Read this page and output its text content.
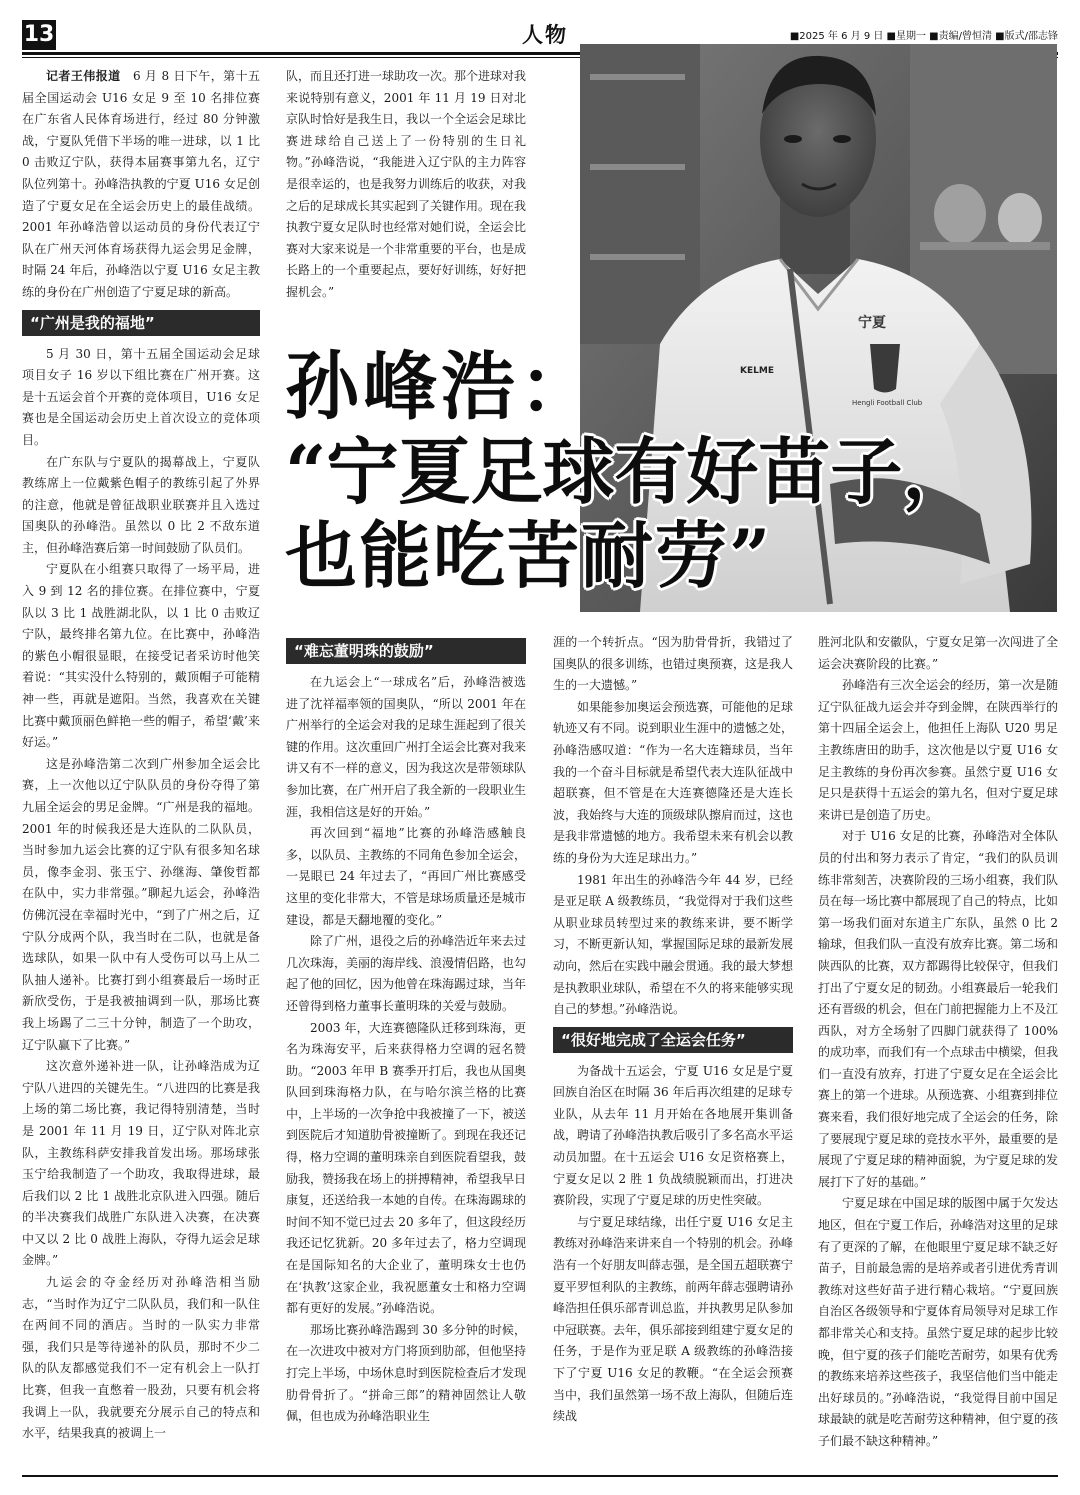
13	人物	■2025 年 6 月 9 日 ■星期一 ■责编/曾恒清 ■版式/邵志锋

记者王伟报道　 6 月 8 日下午，第十五届全国运动会 U16 女足 9 至 10 名排位赛在广东省人民体育场进行，经过 80 分钟激战，宁夏队凭借下半场的唯一进球，以 1 比 0 击败辽宁队，获得本届赛事第九名，辽宁队位列第十。孙峰浩执教的宁夏 U16 女足创造了宁夏女足在全运会历史上的最佳战绩。2001 年孙峰浩曾以运动员的身份代表辽宁队在广州天河体育场获得九运会男足金牌，时隔 24 年后，孙峰浩以宁夏 U16 女足主教练的身份在广州创造了宁夏足球的新高。

“广州是我的福地”

5 月 30 日，第十五届全国运动会足球项目女子 16 岁以下组比赛在广州开赛。这是十五运会首个开赛的竞体项目，U16 女足赛也是全国运动会历史上首次设立的竞体项目。

在广东队与宁夏队的揭幕战上，宁夏队教练席上一位戴紫色帽子的教练引起了外界的注意，他就是曾征战职业联赛并且入选过国奥队的孙峰浩。虽然以 0 比 2 不敌东道主，但孙峰浩赛后第一时间鼓励了队员们。

宁夏队在小组赛只取得了一场平局，进入 9 到 12 名的排位赛。在排位赛中，宁夏队以 3 比 1 战胜湖北队，以 1 比 0 击败辽宁队，最终排名第九位。在比赛中，孙峰浩的紫色小帽很显眼，在接受记者采访时他笑着说：“其实没什么特别的，戴顶帽子可能精神一些，再就是遮阳。当然，我喜欢在关键比赛中戴顶丽色鲜艳一些的帽子，希望‘戴’来好运。”

这是孙峰浩第二次到广州参加全运会比赛，上一次他以辽宁队队员的身份夺得了第九届全运会的男足金牌。“广州是我的福地。2001 年的时候我还是大连队的二队队员，当时参加九运会比赛的辽宁队有很多知名球员，像李金羽、张玉宁、孙继海、肇俊哲都在队中，实力非常强。”聊起九运会，孙峰浩仿佛沉浸在幸福时光中，“到了广州之后，辽宁队分成两个队，我当时在二队，也就是备选球队，如果一队中有人受伤可以马上从二队抽人递补。比赛打到小组赛最后一场时正新欣受伤，于是我被抽调到一队，那场比赛我上场踢了二三十分钟，制造了一个助攻，辽宁队赢下了比赛。”

这次意外递补进一队，让孙峰浩成为辽宁队八进四的关键先生。“八进四的比赛是我上场的第二场比赛，我记得特别清楚，当时是 2001 年 11 月 19 日，辽宁队对阵北京队，主教练科萨安排我首发出场。那场球张玉宁给我制造了一个助攻，我取得进球，最后我们以 2 比 1 战胜北京队进入四强。随后的半决赛我们战胜广东队进入决赛，在决赛中又以 2 比 0 战胜上海队，夺得九运会足球金牌。”

九运会的夺金经历对孙峰浩相当励志，“当时作为辽宁二队队员，我们和一队住在两间不同的酒店。当时的一队实力非常强，我们只是等待递补的队员，那时不少二队的队友都感觉我们不一定有机会上一队打比赛，但我一直憋着一股劲，只要有机会将我调上一队，我就要充分展示自己的特点和水平，结果我真的被调上一

队，而且还打进一球助攻一次。那个进球对我来说特别有意义，2001 年 11 月 19 日对北京队时恰好是我生日，我以一个全运会足球比赛进球给自己送上了一份特别的生日礼物。”孙峰浩说，“我能进入辽宁队的主力阵容是很幸运的，也是我努力训练后的收获，对我之后的足球成长其实起到了关键作用。现在我执教宁夏女足队时也经常对她们说，全运会比赛对大家来说是一个非常重要的平台，也是成长路上的一个重要起点，要好好训练，好好把握机会。”

宁夏
Hengli Football Club
KELME
孙峰浩：
“宁夏足球有好苗子，
也能吃苦耐劳”
“难忘董明珠的鼓励”

在九运会上“一球成名”后，孙峰浩被选进了沈祥福率领的国奥队，“所以 2001 年在广州举行的全运会对我的足球生涯起到了很关键的作用。这次重回广州打全运会比赛对我来讲又有不一样的意义，因为我这次是带领球队参加比赛，在广州开启了我全新的一段职业生涯，我相信这是好的开始。”

再次回到“福地”比赛的孙峰浩感触良多，以队员、主教练的不同角色参加全运会，一晃眼已 24 年过去了，“再回广州比赛感受这里的变化非常大，不管是球场质量还是城市建设，都是天翻地覆的变化。”

除了广州，退役之后的孙峰浩近年来去过几次珠海，美丽的海岸线、浪漫情侣路，也勾起了他的回忆，因为他曾在珠海踢过球，当年还曾得到格力董事长董明珠的关爱与鼓励。

2003 年，大连赛德隆队迁移到珠海，更名为珠海安平，后来获得格力空调的冠名赞助。“2003 年甲 B 赛季开打后，我也从国奥队回到珠海格力队，在与哈尔滨兰格的比赛中，上半场的一次争抢中我被撞了一下，被送到医院后才知道肋骨被撞断了。到现在我还记得，格力空调的董明珠亲自到医院看望我，鼓励我，赞扬我在场上的拼搏精神，希望我早日康复，还送给我一本她的自传。在珠海踢球的时间不知不觉已过去 20 多年了，但这段经历我还记忆犹新。20 多年过去了，格力空调现在是国际知名的大企业了，董明珠女士也仍在‘执教’这家企业，我祝愿董女士和格力空调都有更好的发展。”孙峰浩说。

那场比赛孙峰浩踢到 30 多分钟的时候，在一次进攻中被对方门将顶到肋部，但他坚持打完上半场，中场休息时到医院检查后才发现肋骨骨折了。“拼命三郎”的精神固然让人敬佩，但也成为孙峰浩职业生

涯的一个转折点。“因为肋骨骨折，我错过了国奥队的很多训练，也错过奥预赛，这是我人生的一大遗憾。”

如果能参加奥运会预选赛，可能他的足球轨迹又有不同。说到职业生涯中的遗憾之处，孙峰浩感叹道：“作为一名大连籍球员，当年我的一个奋斗目标就是希望代表大连队征战中超联赛，但不管是在大连赛德隆还是大连长波，我始终与大连的顶级球队擦肩而过，这也是我非常遗憾的地方。我希望未来有机会以教练的身份为大连足球出力。”

1981 年出生的孙峰浩今年 44 岁，已经是亚足联 A 级教练员，“我觉得对于我们这些从职业球员转型过来的教练来讲，要不断学习，不断更新认知，掌握国际足球的最新发展动向，然后在实践中融会贯通。我的最大梦想是执教职业球队，希望在不久的将来能够实现自己的梦想。”孙峰浩说。

“很好地完成了全运会任务”

为备战十五运会，宁夏 U16 女足是宁夏回族自治区在时隔 36 年后再次组建的足球专业队，从去年 11 月开始在各地展开集训备战，聘请了孙峰浩执教后吸引了多名高水平运动员加盟。在十五运会 U16 女足资格赛上，宁夏女足以 2 胜 1 负战绩脱颖而出，打进决赛阶段，实现了宁夏足球的历史性突破。

与宁夏足球结缘，出任宁夏 U16 女足主教练对孙峰浩来讲来自一个特别的机会。孙峰浩有一个好朋友叫薛志强，是全国五超联赛宁夏平罗恒利队的主教练，前两年薛志强聘请孙峰浩担任俱乐部青训总监，并执教男足队参加中冠联赛。去年，俱乐部接到组建宁夏女足的任务，于是作为亚足联 A 级教练的孙峰浩接下了宁夏 U16 女足的教鞭。“在全运会预赛当中，我们虽然第一场不敌上海队，但随后连续战

胜河北队和安徽队，宁夏女足第一次闯进了全运会决赛阶段的比赛。”

孙峰浩有三次全运会的经历，第一次是随辽宁队征战九运会并夺到金牌，在陕西举行的第十四届全运会上，他担任上海队 U20 男足主教练唐田的助手，这次他是以宁夏 U16 女足主教练的身份再次参赛。虽然宁夏 U16 女足只是获得十五运会的第九名，但对宁夏足球来讲已是创造了历史。

对于 U16 女足的比赛，孙峰浩对全体队员的付出和努力表示了肯定，“我们的队员训练非常刻苦，决赛阶段的三场小组赛，我们队员在每一场比赛中都展现了自己的特点，比如第一场我们面对东道主广东队，虽然 0 比 2 输球，但我们队一直没有放弃比赛。第二场和陕西队的比赛，双方都踢得比较保守，但我们打出了宁夏女足的韧劲。小组赛最后一轮我们还有晋级的机会，但在门前把握能力上不及江西队，对方全场射了四脚门就获得了 100% 的成功率，而我们有一个点球击中横梁，但我们一直没有放弃，打进了宁夏女足在全运会比赛上的第一个进球。从预选赛、小组赛到排位赛来看，我们很好地完成了全运会的任务，除了要展现宁夏足球的竞技水平外，最重要的是展现了宁夏足球的精神面貌，为宁夏足球的发展打下了好的基础。”

宁夏足球在中国足球的版图中属于欠发达地区，但在宁夏工作后，孙峰浩对这里的足球有了更深的了解，在他眼里宁夏足球不缺乏好苗子，目前最急需的是培养或者引进优秀青训教练对这些好苗子进行精心栽培。“宁夏回族自治区各级领导和宁夏体育局领导对足球工作都非常关心和支持。虽然宁夏足球的起步比较晚，但宁夏的孩子们能吃苦耐劳，如果有优秀的教练来培养这些孩子，我坚信他们当中能走出好球员的。”孙峰浩说，“我觉得目前中国足球最缺的就是吃苦耐劳这种精神，但宁夏的孩子们最不缺这种精神。”
